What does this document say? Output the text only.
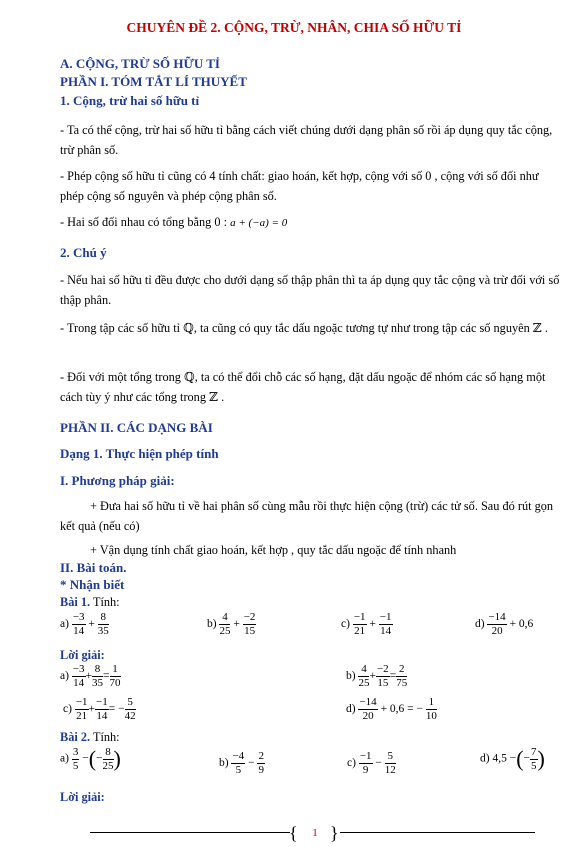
CHUYÊN ĐỀ 2. CỘNG, TRỪ, NHÂN, CHIA SỐ HỮU TỈ
A. CỘNG, TRỪ SỐ HỮU TỈ
PHẦN I. TÓM TẮT LÍ THUYẾT
1. Cộng, trừ hai số hữu tỉ
- Ta có thể cộng, trừ hai số hữu tỉ bằng cách viết chúng dưới dạng phân số rồi áp dụng quy tắc cộng, trừ phân số.
- Phép cộng số hữu tỉ cũng có 4 tính chất: giao hoán, kết hợp, cộng với số 0 , cộng với số đối như phép cộng số nguyên và phép cộng phân số.
- Hai số đối nhau có tổng bằng 0 : a + (−a) = 0
2. Chú ý
- Nếu hai số hữu tỉ đều được cho dưới dạng số thập phân thì ta áp dụng quy tắc cộng và trừ đối với số thập phân.
- Trong tập các số hữu tỉ ℚ, ta cũng có quy tắc dấu ngoặc tương tự như trong tập các số nguyên ℤ .
- Đối với một tổng trong ℚ, ta có thể đổi chỗ các số hạng, đặt dấu ngoặc để nhóm các số hạng một cách tùy ý như các tổng trong ℤ .
PHẦN II. CÁC DẠNG BÀI
Dạng 1. Thực hiện phép tính
I. Phương pháp giải:
+ Đưa hai số hữu tỉ về hai phân số cùng mẫu rồi thực hiện cộng (trừ) các tử số. Sau đó rút gọn kết quả (nếu có)
+ Vận dụng tính chất giao hoán, kết hợp , quy tắc dấu ngoặc để tính nhanh
II. Bài toán.
* Nhận biết
Bài 1. Tính:
$a) \frac{-3}{14} + \frac{8}{35}$	$b) \frac{4}{25} + \frac{-2}{15}$	$c) \frac{-1}{21} + \frac{-1}{14}$	$d) \frac{-14}{20} + 0,6$
Lời giải:
$a) \frac{-3}{14} + \frac{8}{35} = \frac{1}{70}$	$b) \frac{4}{25} + \frac{-2}{15} = \frac{2}{75}$
$c) \frac{-1}{21} + \frac{-1}{14}$ = − $\frac{5}{42}$	$d) \frac{-14}{20} + 0,6$ = − $\frac{1}{10}$
Bài 2. Tính:
$a) \frac{3}{5}$ −(− $\frac{8}{25}$ )	$b) \frac{-4}{5} - \frac{2}{9}$	$c) \frac{-1}{9} - \frac{5}{12}$	d) 4,5 −(− $\frac{7}{5}$ )
Lời giải:
{ }
1
